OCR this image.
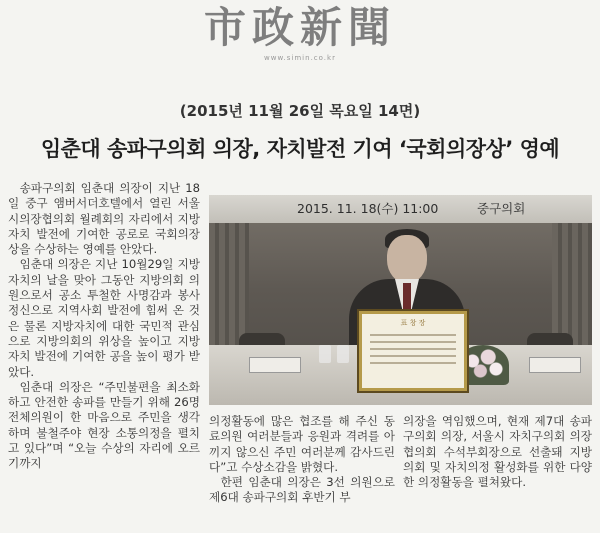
市政新聞
www.simin.co.kr
(2015년 11월 26일 목요일 14면)
임춘대 송파구의회 의장, 자치발전 기여 ‘국회의장상’ 영예

송파구의회 임춘대 의장이 지난 18일 중구 앰버서더호텔에서 열린 서울시의장협의회 월례회의 자리에서 지방자치 발전에 기여한 공로로 국회의장상을 수상하는 영예를 안았다.

임춘대 의장은 지난 10월29일 지방자치의 날을 맞아 그동안 지방의회 의원으로서 공소 투철한 사명감과 봉사정신으로 지역사회 발전에 힘써 온 것은 물론 지방자치에 대한 국민적 관심으로 지방의회의 위상을 높이고 지방자치 발전에 기여한 공을 높이 평가 받았다.

임춘대 의장은 “주민불편을 최소화하고 안전한 송파를 만들기 위해 26명 전체의원이 한 마음으로 주민을 생각하며 불철주야 현장 소통의정을 펼치고 있다”며 “오늘 수상의 자리에 오르기까지

2015. 11. 18(수) 11:00	중구의회
표 창 장

의정활동에 많은 협조를 해 주신 동료의원 여러분들과 응원과 격려를 아끼지 않으신 주민 여러분께 감사드린다”고 수상소감을 밝혔다.

한편 임춘대 의장은 3선 의원으로 제6대 송파구의회 후반기 부

의장을 역임했으며, 현재 제7대 송파구의회 의장, 서울시 자치구의회 의장협의회 수석부회장으로 선출돼 지방의회 및 자치의정 활성화를 위한 다양한 의정활동을 펼쳐왔다.
